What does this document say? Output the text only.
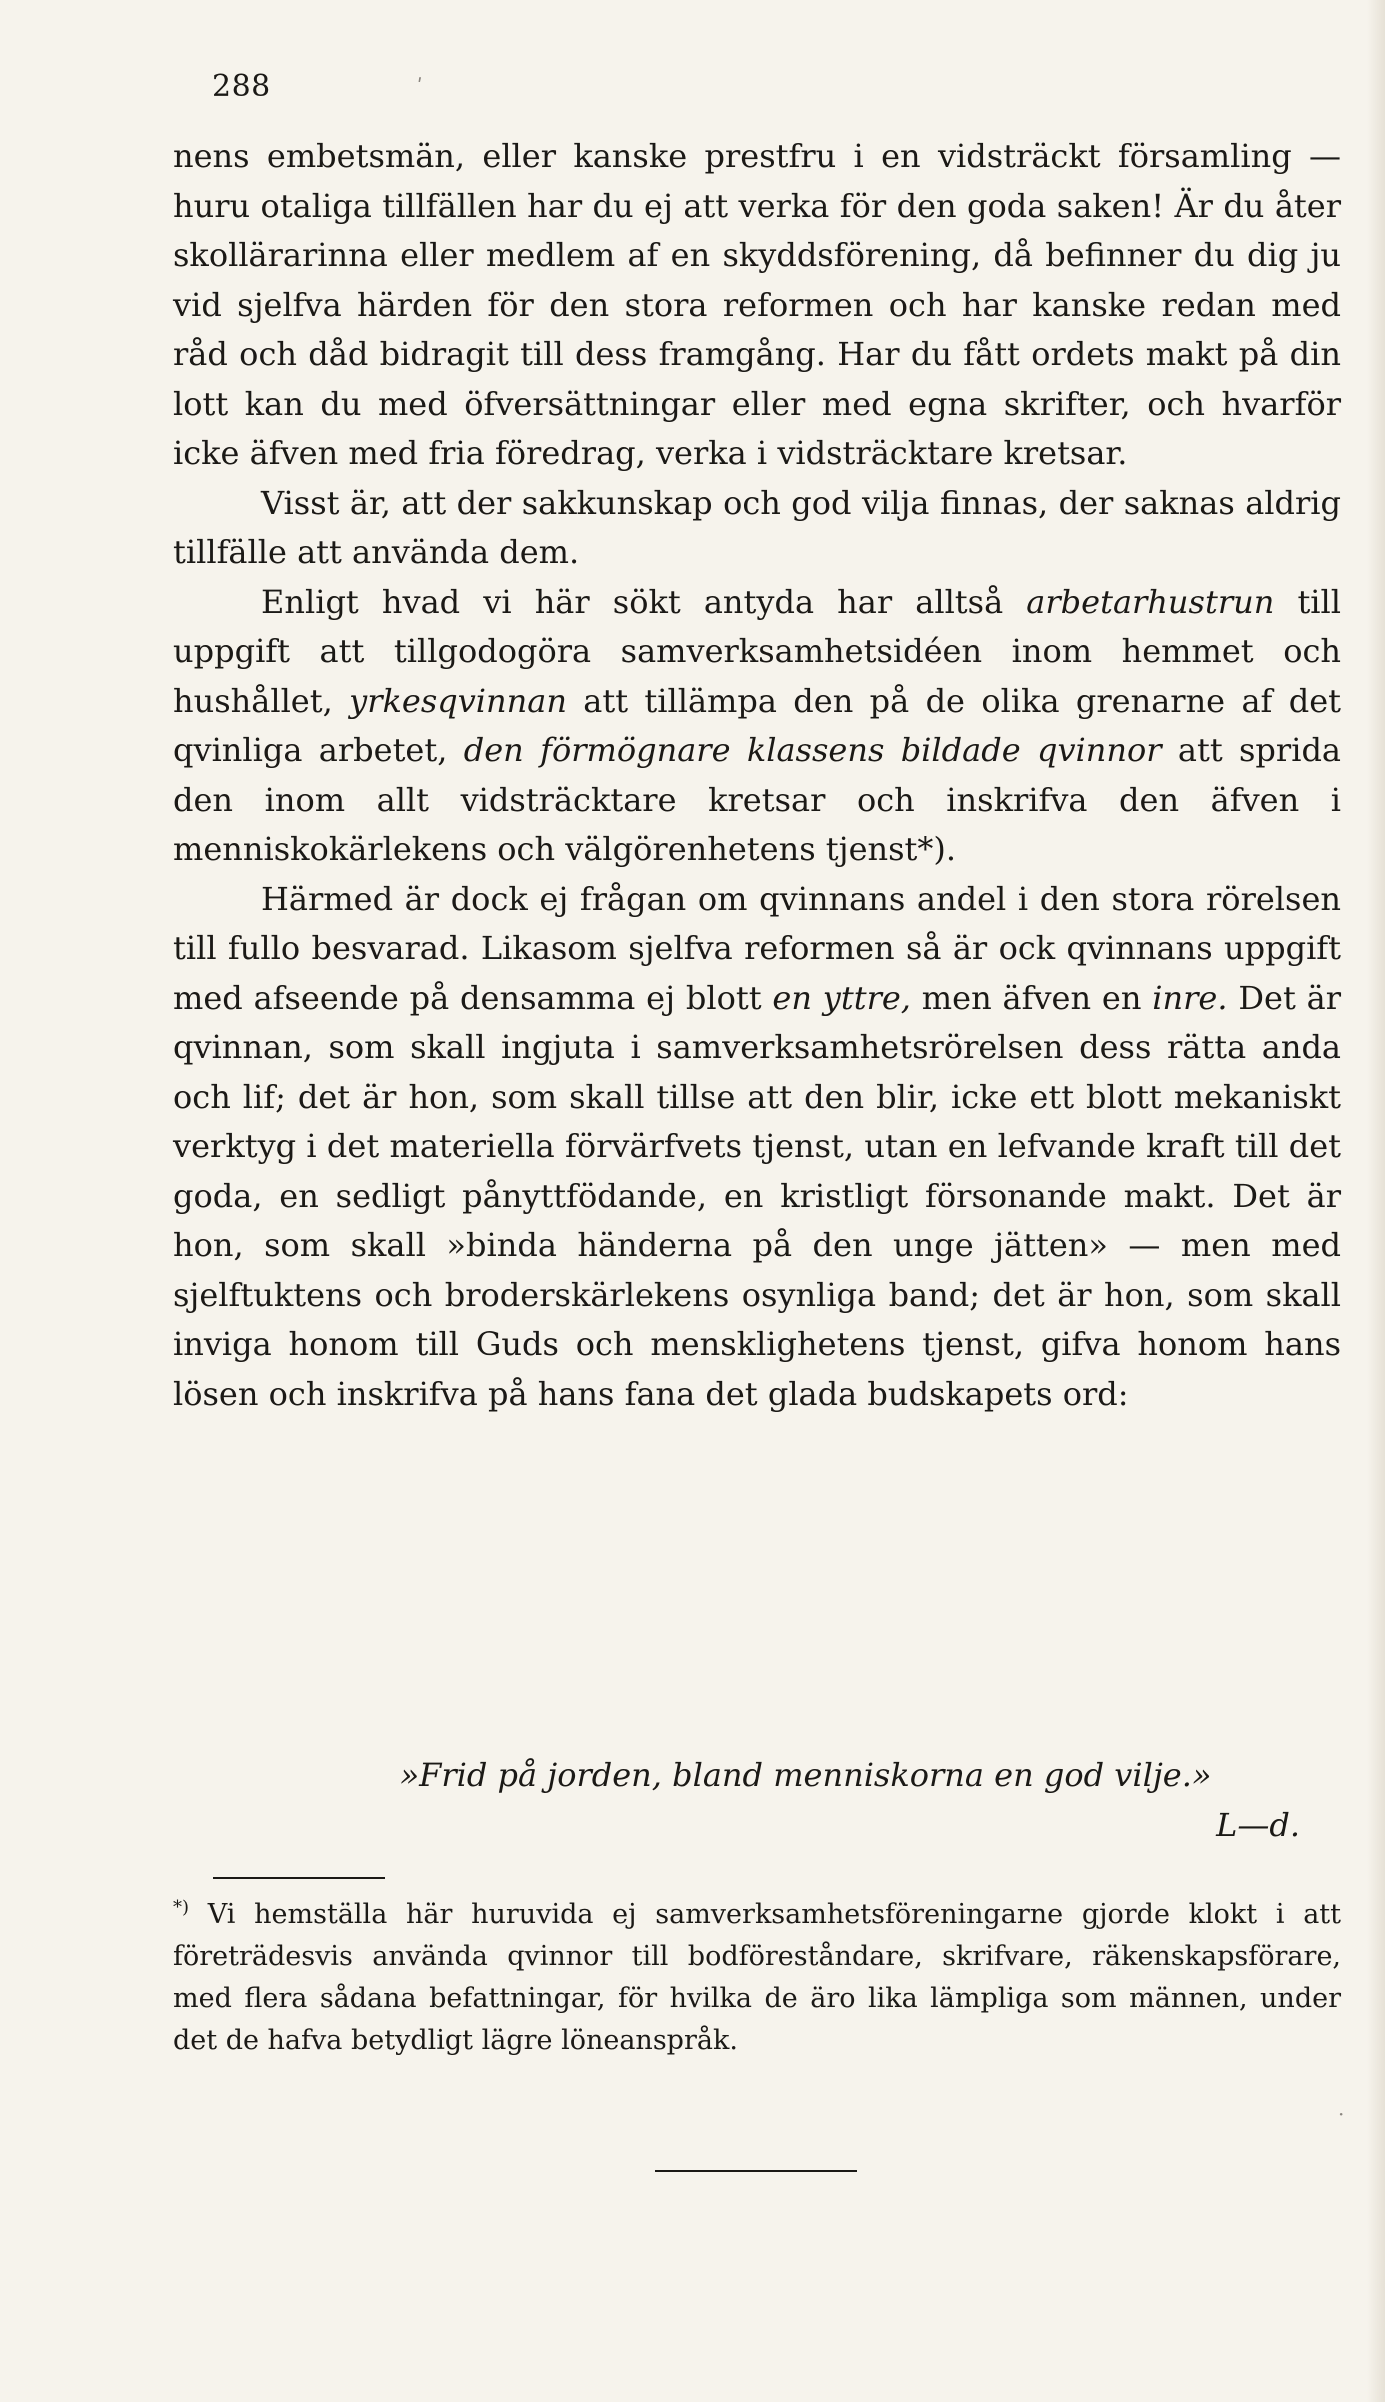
288

nens embetsmän, eller kanske prestfru i en vidsträckt församling — huru otaliga tillfällen har du ej att verka för den goda saken! Är du åter skollärarinna eller medlem af en skyddsförening, då befinner du dig ju vid sjelfva härden för den stora reformen och har kanske redan med råd och dåd bidragit till dess framgång. Har du fått ordets makt på din lott kan du med öfversättningar eller med egna skrifter, och hvarför icke äfven med fria föredrag, verka i vidsträcktare kretsar.

Visst är, att der sakkunskap och god vilja finnas, der saknas aldrig tillfälle att använda dem.

Enligt hvad vi här sökt antyda har alltså arbetarhustrun till uppgift att tillgodogöra samverksamhetsidéen inom hemmet och hushållet, yrkesqvinnan att tillämpa den på de olika grenarne af det qvinliga arbetet, den förmögnare klassens bildade qvinnor att sprida den inom allt vidsträcktare kretsar och inskrifva den äfven i menniskokärlekens och välgörenhetens tjenst*).

Härmed är dock ej frågan om qvinnans andel i den stora rörelsen till fullo besvarad. Likasom sjelfva reformen så är ock qvinnans uppgift med afseende på densamma ej blott en yttre, men äfven en inre. Det är qvinnan, som skall ingjuta i samverksamhetsrörelsen dess rätta anda och lif; det är hon, som skall tillse att den blir, icke ett blott mekaniskt verktyg i det materiella förvärfvets tjenst, utan en lefvande kraft till det goda, en sedligt pånyttfödande, en kristligt försonande makt. Det är hon, som skall »binda händerna på den unge jätten» — men med sjelftuktens och broderskärlekens osynliga band; det är hon, som skall inviga honom till Guds och mensklighetens tjenst, gifva honom hans lösen och inskrifva på hans fana det glada budskapets ord:

»Frid på jorden, bland menniskorna en god vilje.»
L—d.
*) Vi hemställa här huruvida ej samverksamhetsföreningarne gjorde klokt i att företrädesvis använda qvinnor till bodföreståndare, skrifvare, räkenskapsförare, med flera sådana befattningar, för hvilka de äro lika lämpliga som männen, under det de hafva betydligt lägre löneanspråk.
ʹ
·
